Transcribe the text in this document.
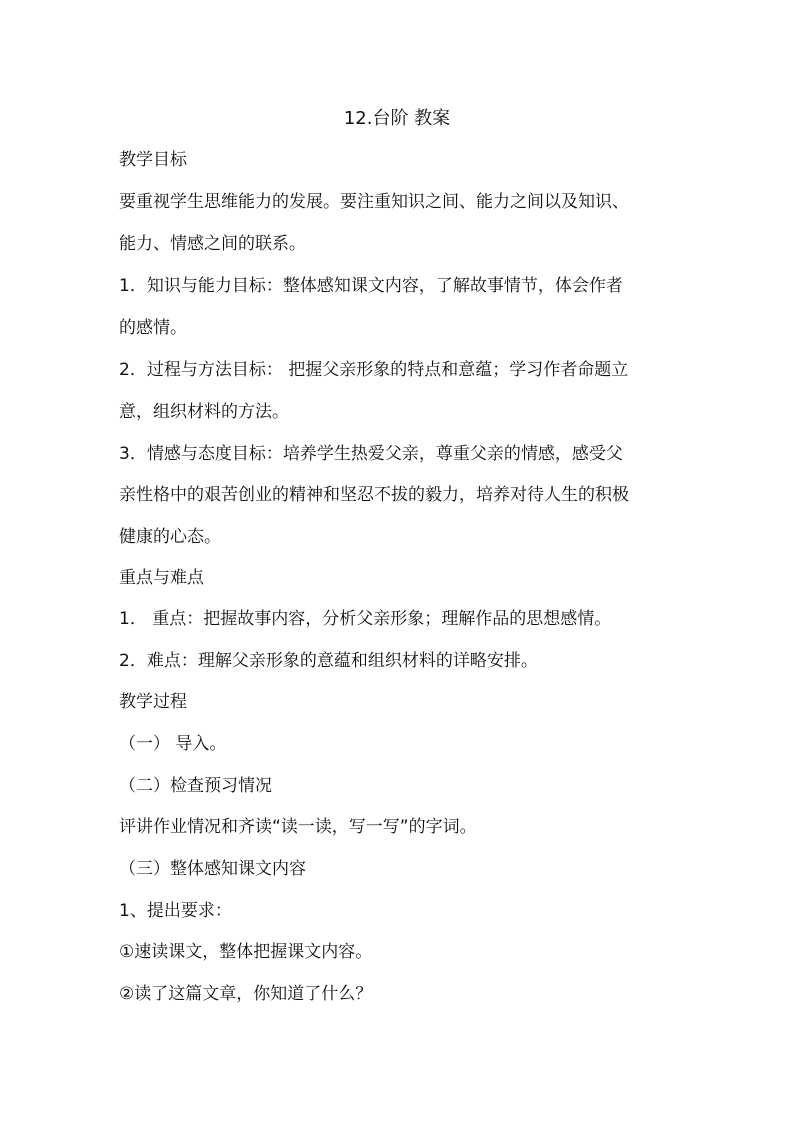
12.台阶 教案
教学目标
要重视学生思维能力的发展。要注重知识之间、能力之间以及知识、
能力、情感之间的联系。
1．知识与能力目标：整体感知课文内容，了解故事情节，体会作者
的感情。
2．过程与方法目标： 把握父亲形象的特点和意蕴；学习作者命题立
意，组织材料的方法。
3．情感与态度目标：培养学生热爱父亲，尊重父亲的情感，感受父
亲性格中的艰苦创业的精神和坚忍不拔的毅力，培养对待人生的积极
健康的心态。
重点与难点
1． 重点：把握故事内容，分析父亲形象；理解作品的思想感情。
2．难点：理解父亲形象的意蕴和组织材料的详略安排。
教学过程
（一） 导入。
（二）检查预习情况
评讲作业情况和齐读“读一读，写一写”的字词。
（三）整体感知课文内容
1、提出要求：
①速读课文，整体把握课文内容。
②读了这篇文章，你知道了什么？
